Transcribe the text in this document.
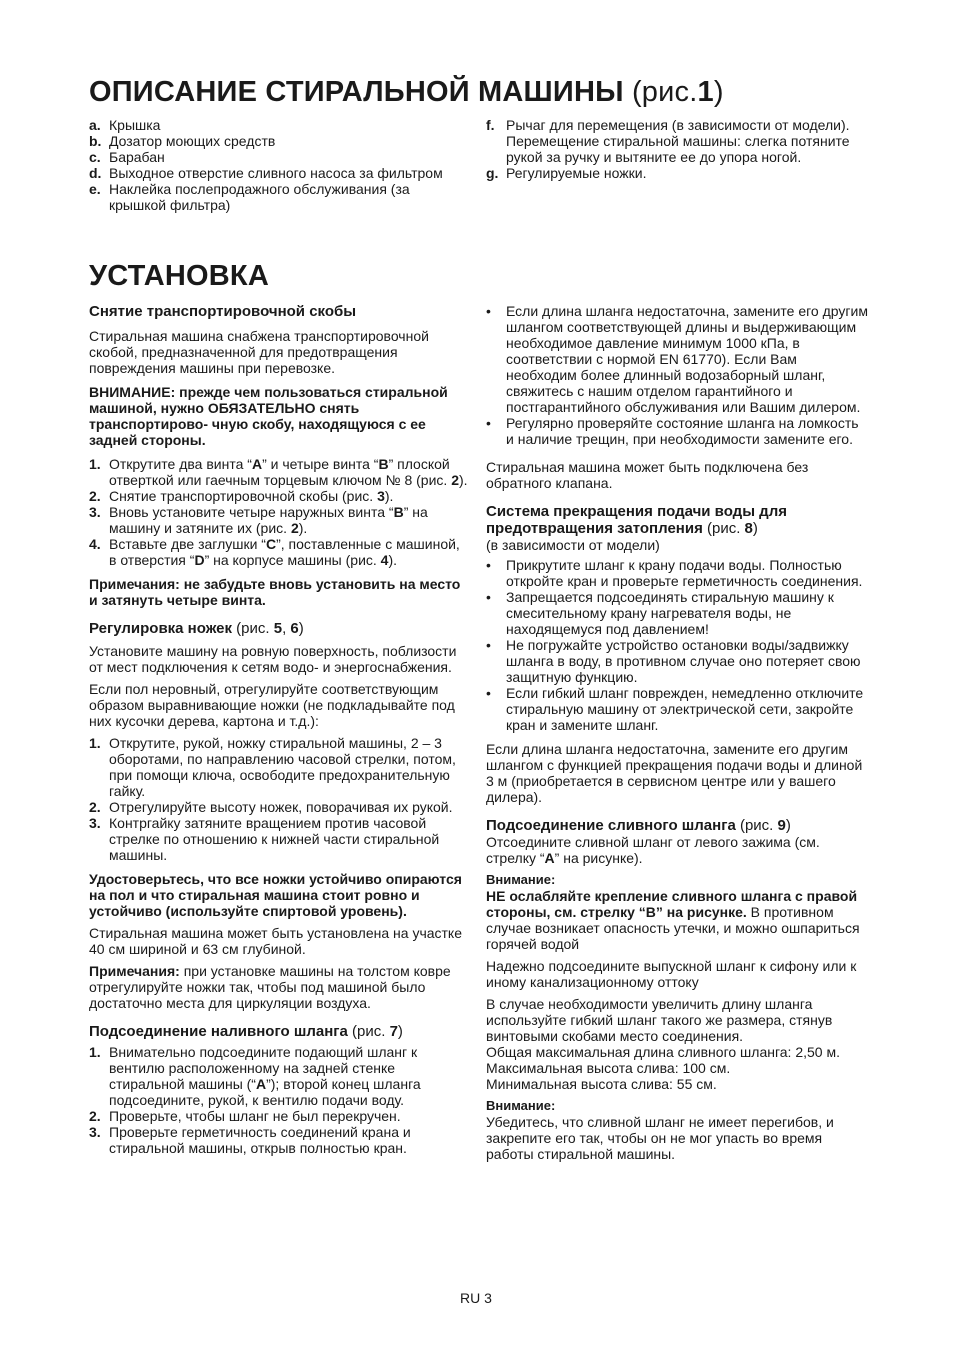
ОПИСАНИЕ СТИРАЛЬНОЙ МАШИНЫ (рис.1)
a. Крышка
b. Дозатор моющих средств
c. Барабан
d. Выходное отверстие сливного насоса за фильтром
e. Наклейка послепродажного обслуживания (за крышкой фильтра)
f. Рычаг для перемещения (в зависимости от модели). Перемещение стиральной машины: слегка потяните рукой за ручку и вытяните ее до упора ногой.
g. Регулируемые ножки.
УСТАНОВКА

Снятие транспортировочной скобы

Стиральная машина снабжена транспортировочной скобой, предназначенной для предотвращения повреждения машины при перевозке.

ВНИМАНИЕ: прежде чем пользоваться стиральной машиной, нужно ОБЯЗАТЕЛЬНО снять транспортирово- чную скобу, находящуюся с ее задней стороны.

1. Открутите два винта “A” и четыре винта “B” плоской отверткой или гаечным торцевым ключом № 8 (рис. 2).
2. Снятие транспортировочной скобы (рис. 3).
3. Вновь установите четыре наружных винта “B” на машину и затяните их (рис. 2).
4. Вставьте две заглушки “C”, поставленные с машиной, в отверстия “D” на корпусе машины (рис. 4).

Примечания: не забудьте вновь установить на место и затянуть четыре винта.

Регулировка ножек (рис. 5, 6)

Установите машину на ровную поверхность, поблизости от мест подключения к сетям водо- и энергоснабжения.

Если пол неровный, отрегулируйте соответствующим образом выравнивающие ножки (не подкладывайте под них кусочки дерева, картона и т.д.):

1. Открутите, рукой, ножку стиральной машины, 2 – 3 оборотами, по направлению часовой стрелки, потом, при помощи ключа, освободите предохранительную гайку.
2. Отрегулируйте высоту ножек, поворачивая их рукой.
3. Контргайку затяните вращением против часовой стрелке по отношению к нижней части стиральной машины.

Удостоверьтесь, что все ножки устойчиво опираются на пол и что стиральная машина стоит ровно и устойчиво (используйте спиртовой уровень).

Стиральная машина может быть установлена на участке 40 см шириной и 63 см глубиной.

Примечания: при установке машины на толстом ковре отрегулируйте ножки так, чтобы под машиной было достаточно места для циркуляции воздуха.

Подсоединение наливного шланга (рис. 7)

1. Внимательно подсоедините подающий шланг к вентилю расположенному на задней стенке стиральной машины (“A”); второй конец шланга подсоедините, рукой, к вентилю подачи воду.
2. Проверьте, чтобы шланг не был перекручен.
3. Проверьте герметичность соединений крана и стиральной машины, открыв полностью кран.
• Если длина шланга недостаточна, замените его другим шлангом соответствующей длины и выдерживающим необходимое давление минимум 1000 кПа, в соответствии с нормой EN 61770). Если Вам необходим более длинный водозаборный шланг, свяжитесь с нашим отделом гарантийного и постгарантийного обслуживания или Вашим дилером.
• Регулярно проверяйте состояние шланга на ломкость и наличие трещин, при необходимости замените его.

Стиральная машина может быть подключена без обратного клапана.

Система прекращения подачи воды для предотвращения затопления (рис. 8)

(в зависимости от модели)

• Прикрутите шланг к крану подачи воды. Полностью откройте кран и проверьте герметичность соединения.
• Запрещается подсоединять стиральную машину к смесительному крану нагревателя воды, не находящемуся под давлением!
• Не погружайте устройство остановки воды/задвижку шланга в воду, в противном случае оно потеряет свою защитную функцию.
• Если гибкий шланг поврежден, немедленно отключите стиральную машину от электрической сети, закройте кран и замените шланг.

Если длина шланга недостаточна, замените его другим шлангом с функцией прекращения подачи воды и длиной 3 м (приобретается в сервисном центре или у вашего дилера).

Подсоединение сливного шланга (рис. 9)

Отсоедините сливной шланг от левого зажима (см. стрелку “A” на рисунке).

Внимание:

НЕ ослабляйте крепление сливного шланга с правой стороны, см. стрелку “B” на рисунке. В противном случае возникает опасность утечки, и можно ошпариться горячей водой

Надежно подсоедините выпускной шланг к сифону или к иному канализационному оттоку

В случае необходимости увеличить длину шланга используйте гибкий шланг такого же размера, стянув винтовыми скобами место соединения.

Общая максимальная длина сливного шланга: 2,50 м.

Максимальная высота слива: 100 см.

Минимальная высота слива: 55 см.

Внимание:

Убедитесь, что сливной шланг не имеет перегибов, и закрепите его так, чтобы он не мог упасть во время работы стиральной машины.

RU 3
